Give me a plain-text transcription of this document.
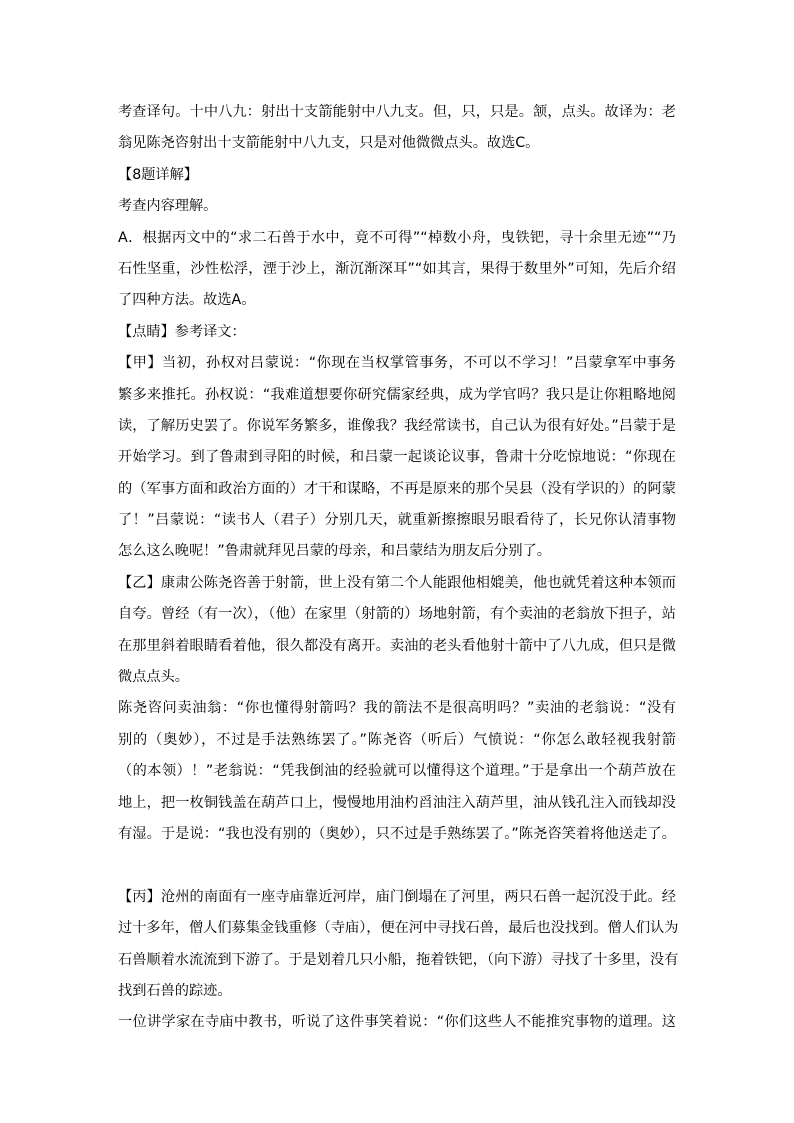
考查译句。十中八九：射出十支箭能射中八九支。但，只，只是。颔，点头。故译为：老
翁见陈尧咨射出十支箭能射中八九支，只是对他微微点头。故选C。
【8题详解】
考查内容理解。
A．根据丙文中的“求二石兽于水中，竟不可得”“棹数小舟，曳铁钯，寻十余里无迹”“乃
石性坚重，沙性松浮，湮于沙上，渐沉渐深耳”“如其言，果得于数里外”可知，先后介绍
了四种方法。故选A。
【点睛】参考译文：
【甲】当初，孙权对吕蒙说：“你现在当权掌管事务，不可以不学习！”吕蒙拿军中事务
繁多来推托。孙权说：“我难道想要你研究儒家经典，成为学官吗？我只是让你粗略地阅
读，了解历史罢了。你说军务繁多，谁像我？我经常读书，自己认为很有好处。”吕蒙于是
开始学习。到了鲁肃到寻阳的时候，和吕蒙一起谈论议事，鲁肃十分吃惊地说：“你现在
的（军事方面和政治方面的）才干和谋略，不再是原来的那个吴县（没有学识的）的阿蒙
了！”吕蒙说：“读书人（君子）分别几天，就重新擦擦眼另眼看待了，长兄你认清事物
怎么这么晚呢！”鲁肃就拜见吕蒙的母亲，和吕蒙结为朋友后分别了。
【乙】康肃公陈尧咨善于射箭，世上没有第二个人能跟他相媲美，他也就凭着这种本领而
自夸。曾经（有一次），（他）在家里（射箭的）场地射箭，有个卖油的老翁放下担子，站
在那里斜着眼睛看着他，很久都没有离开。卖油的老头看他射十箭中了八九成，但只是微
微点点头。
陈尧咨问卖油翁：“你也懂得射箭吗？我的箭法不是很高明吗？”卖油的老翁说：“没有
别的（奥妙），不过是手法熟练罢了。”陈尧咨（听后）气愤说：“你怎么敢轻视我射箭
（的本领）！”老翁说：“凭我倒油的经验就可以懂得这个道理。”于是拿出一个葫芦放在
地上，把一枚铜钱盖在葫芦口上，慢慢地用油杓舀油注入葫芦里，油从钱孔注入而钱却没
有湿。于是说：“我也没有别的（奥妙），只不过是手熟练罢了。”陈尧咨笑着将他送走了。
【丙】沧州的南面有一座寺庙靠近河岸，庙门倒塌在了河里，两只石兽一起沉没于此。经
过十多年，僧人们募集金钱重修（寺庙），便在河中寻找石兽，最后也没找到。僧人们认为
石兽顺着水流流到下游了。于是划着几只小船，拖着铁钯，（向下游）寻找了十多里，没有
找到石兽的踪迹。
一位讲学家在寺庙中教书，听说了这件事笑着说：“你们这些人不能推究事物的道理。这
